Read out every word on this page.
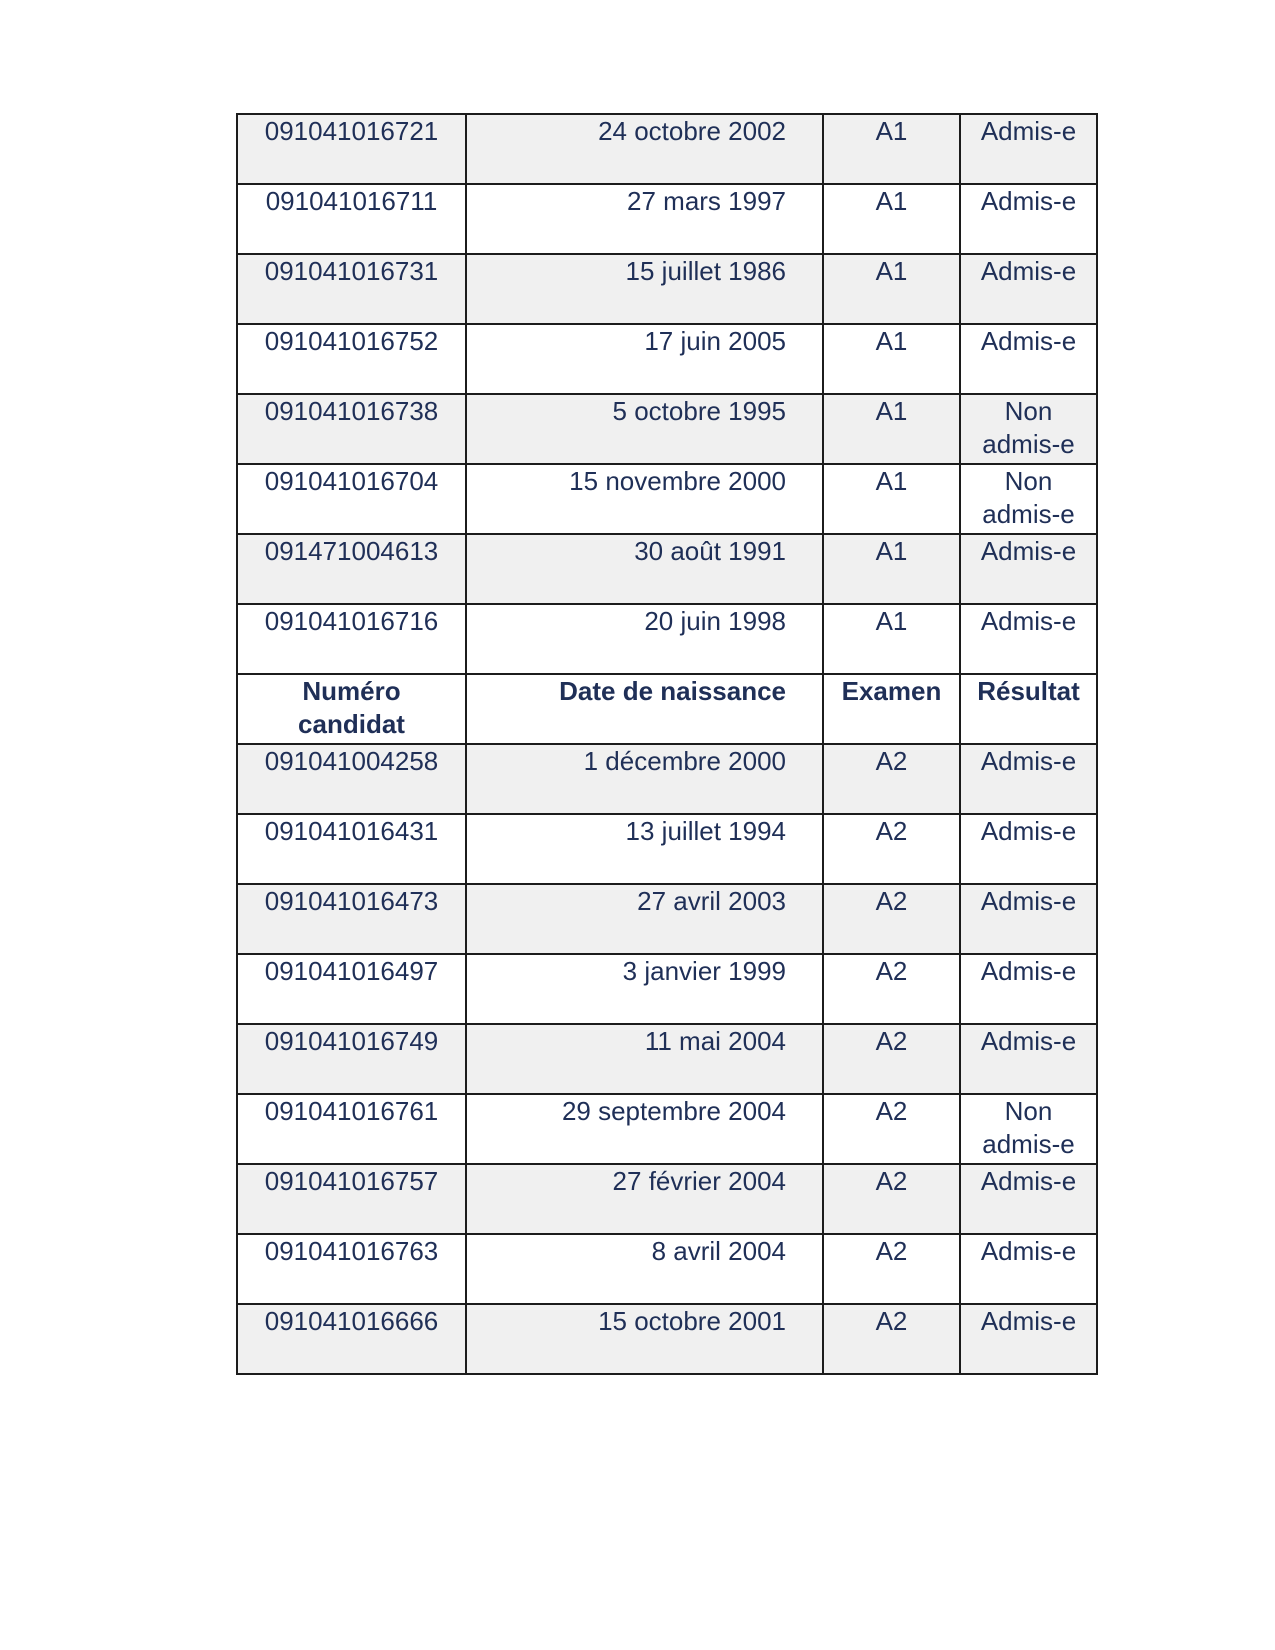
091041016721	24 octobre 2002	A1	Admis-e
091041016711	27 mars 1997	A1	Admis-e
091041016731	15 juillet 1986	A1	Admis-e
091041016752	17 juin 2005	A1	Admis-e
091041016738	5 octobre 1995	A1	Non admis-e
091041016704	15 novembre 2000	A1	Non admis-e
091471004613	30 août 1991	A1	Admis-e
091041016716	20 juin 1998	A1	Admis-e
Numéro candidat	Date de naissance	Examen	Résultat
091041004258	1 décembre 2000	A2	Admis-e
091041016431	13 juillet 1994	A2	Admis-e
091041016473	27 avril 2003	A2	Admis-e
091041016497	3 janvier 1999	A2	Admis-e
091041016749	11 mai 2004	A2	Admis-e
091041016761	29 septembre 2004	A2	Non admis-e
091041016757	27 février 2004	A2	Admis-e
091041016763	8 avril 2004	A2	Admis-e
091041016666	15 octobre 2001	A2	Admis-e
